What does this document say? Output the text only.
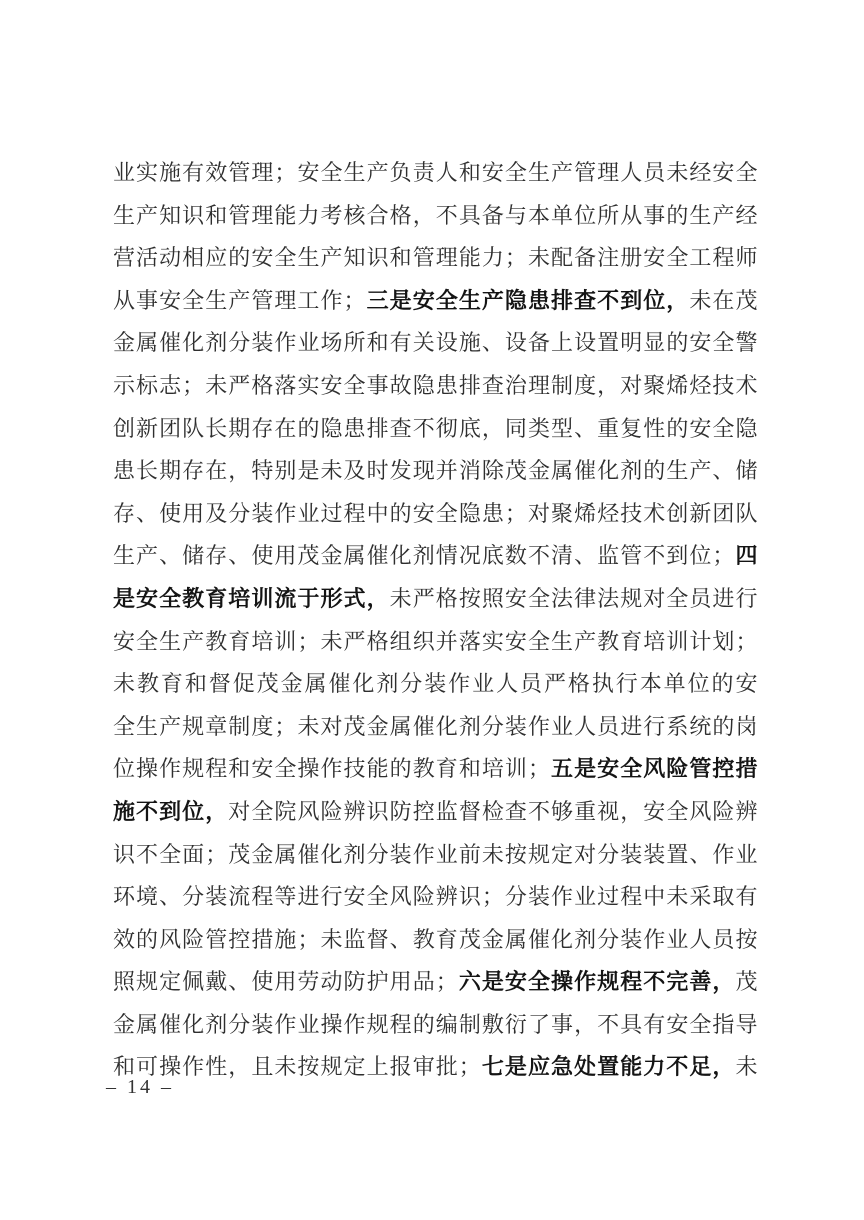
业实施有效管理；安全生产负责人和安全生产管理人员未经安全
生产知识和管理能力考核合格，不具备与本单位所从事的生产经
营活动相应的安全生产知识和管理能力；未配备注册安全工程师
从事安全生产管理工作；三是安全生产隐患排查不到位，未在茂
金属催化剂分装作业场所和有关设施、设备上设置明显的安全警
示标志；未严格落实安全事故隐患排查治理制度，对聚烯烃技术
创新团队长期存在的隐患排查不彻底，同类型、重复性的安全隐
患长期存在，特别是未及时发现并消除茂金属催化剂的生产、储
存、使用及分装作业过程中的安全隐患；对聚烯烃技术创新团队
生产、储存、使用茂金属催化剂情况底数不清、监管不到位；四
是安全教育培训流于形式，未严格按照安全法律法规对全员进行
安全生产教育培训；未严格组织并落实安全生产教育培训计划；
未教育和督促茂金属催化剂分装作业人员严格执行本单位的安
全生产规章制度；未对茂金属催化剂分装作业人员进行系统的岗
位操作规程和安全操作技能的教育和培训；五是安全风险管控措
施不到位，对全院风险辨识防控监督检查不够重视，安全风险辨
识不全面；茂金属催化剂分装作业前未按规定对分装装置、作业
环境、分装流程等进行安全风险辨识；分装作业过程中未采取有
效的风险管控措施；未监督、教育茂金属催化剂分装作业人员按
照规定佩戴、使用劳动防护用品；六是安全操作规程不完善，茂
金属催化剂分装作业操作规程的编制敷衍了事，不具有安全指导
和可操作性，且未按规定上报审批；七是应急处置能力不足，未
– 14 –
